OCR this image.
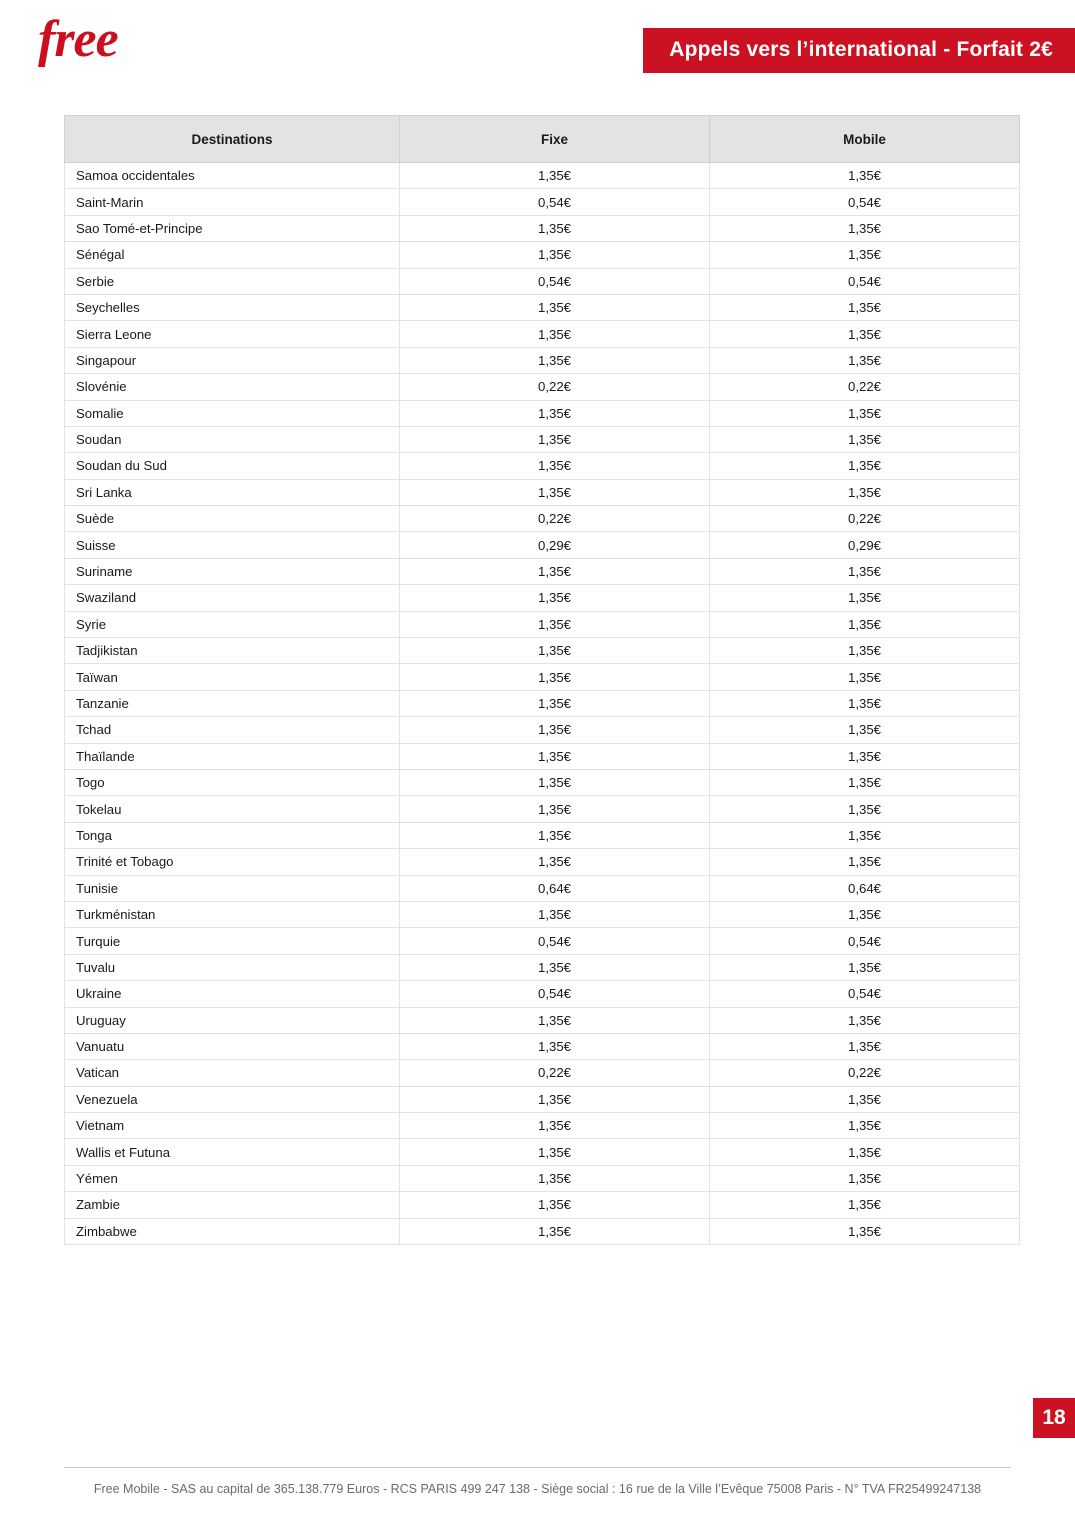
free	Appels vers l’international - Forfait 2€
Destinations	Fixe	Mobile
Samoa occidentales	1,35€	1,35€
Saint-Marin	0,54€	0,54€
Sao Tomé-et-Principe	1,35€	1,35€
Sénégal	1,35€	1,35€
Serbie	0,54€	0,54€
Seychelles	1,35€	1,35€
Sierra Leone	1,35€	1,35€
Singapour	1,35€	1,35€
Slovénie	0,22€	0,22€
Somalie	1,35€	1,35€
Soudan	1,35€	1,35€
Soudan du Sud	1,35€	1,35€
Sri Lanka	1,35€	1,35€
Suède	0,22€	0,22€
Suisse	0,29€	0,29€
Suriname	1,35€	1,35€
Swaziland	1,35€	1,35€
Syrie	1,35€	1,35€
Tadjikistan	1,35€	1,35€
Taïwan	1,35€	1,35€
Tanzanie	1,35€	1,35€
Tchad	1,35€	1,35€
Thaïlande	1,35€	1,35€
Togo	1,35€	1,35€
Tokelau	1,35€	1,35€
Tonga	1,35€	1,35€
Trinité et Tobago	1,35€	1,35€
Tunisie	0,64€	0,64€
Turkménistan	1,35€	1,35€
Turquie	0,54€	0,54€
Tuvalu	1,35€	1,35€
Ukraine	0,54€	0,54€
Uruguay	1,35€	1,35€
Vanuatu	1,35€	1,35€
Vatican	0,22€	0,22€
Venezuela	1,35€	1,35€
Vietnam	1,35€	1,35€
Wallis et Futuna	1,35€	1,35€
Yémen	1,35€	1,35€
Zambie	1,35€	1,35€
Zimbabwe	1,35€	1,35€
18
Free Mobile - SAS au capital de 365.138.779 Euros - RCS PARIS 499 247 138 - Siège social : 16 rue de la Ville l’Evêque 75008 Paris - N° TVA FR25499247138
